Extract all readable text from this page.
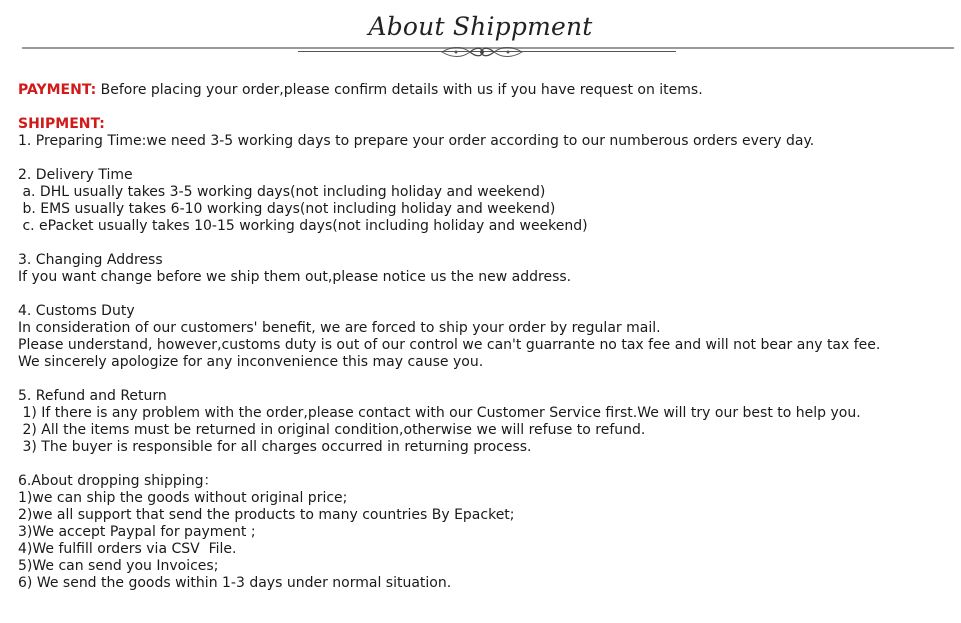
About Shippment
PAYMENT: Before placing your order,please confirm details with us if you have request on items.
SHIPMENT:
1. Preparing Time:we need 3-5 working days to prepare your order according to our numberous orders every day.
2. Delivery Time
a. DHL usually takes 3-5 working days(not including holiday and weekend)
b. EMS usually takes 6-10 working days(not including holiday and weekend)
c. ePacket usually takes 10-15 working days(not including holiday and weekend)
3. Changing Address
If you want change before we ship them out,please notice us the new address.
4. Customs Duty
In consideration of our customers' benefit, we are forced to ship your order by regular mail.
Please understand, however,customs duty is out of our control we can't guarrante no tax fee and will not bear any tax fee.
We sincerely apologize for any inconvenience this may cause you.
5. Refund and Return
1) If there is any problem with the order,please contact with our Customer Service first.We will try our best to help you.
2) All the items must be returned in original condition,otherwise we will refuse to refund.
3) The buyer is responsible for all charges occurred in returning process.
6.About dropping shipping：
1)we can ship the goods without original price;
2)we all support that send the products to many countries By Epacket;
3)We accept Paypal for payment ;
4)We fulfill orders via CSV  File.
5)We can send you Invoices;
6) We send the goods within 1-3 days under normal situation.
